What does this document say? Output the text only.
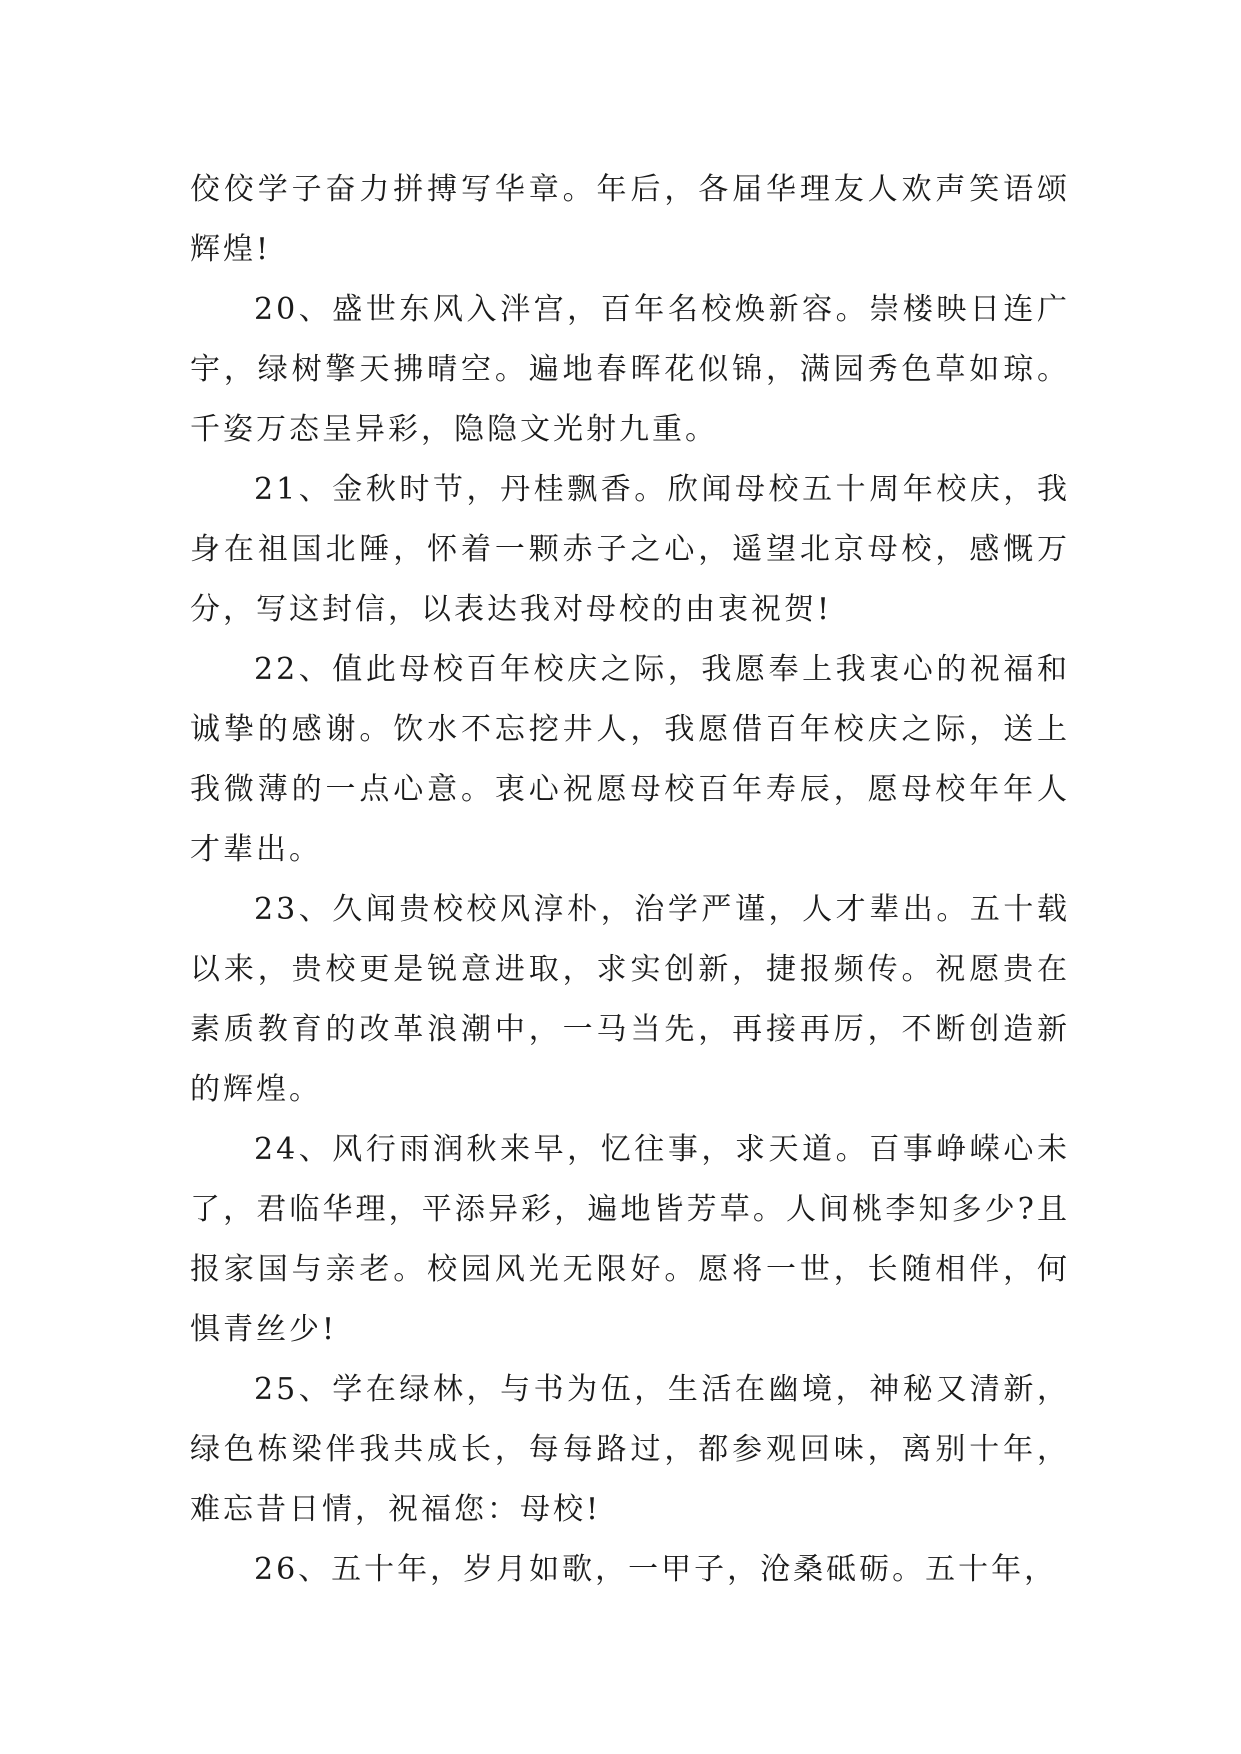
佼佼学子奋力拼搏写华章。年后，各届华理友人欢声笑语颂辉煌!

20、盛世东风入泮宫，百年名校焕新容。崇楼映日连广宇，绿树擎天拂晴空。遍地春晖花似锦，满园秀色草如琼。千姿万态呈异彩，隐隐文光射九重。

21、金秋时节，丹桂飘香。欣闻母校五十周年校庆，我身在祖国北陲，怀着一颗赤子之心，遥望北京母校，感慨万分，写这封信，以表达我对母校的由衷祝贺!

22、值此母校百年校庆之际，我愿奉上我衷心的祝福和诚挚的感谢。饮水不忘挖井人，我愿借百年校庆之际，送上我微薄的一点心意。衷心祝愿母校百年寿辰，愿母校年年人才辈出。

23、久闻贵校校风淳朴，治学严谨，人才辈出。五十载以来，贵校更是锐意进取，求实创新，捷报频传。祝愿贵在素质教育的改革浪潮中，一马当先，再接再厉，不断创造新的辉煌。

24、风行雨润秋来早，忆往事，求天道。百事峥嵘心未了，君临华理，平添异彩，遍地皆芳草。人间桃李知多少?且报家国与亲老。校园风光无限好。愿将一世，长随相伴，何惧青丝少!

25、学在绿林，与书为伍，生活在幽境，神秘又清新，绿色栋梁伴我共成长，每每路过，都参观回味，离别十年，难忘昔日情，祝福您：母校!

26、五十年，岁月如歌，一甲子，沧桑砥砺。五十年，
